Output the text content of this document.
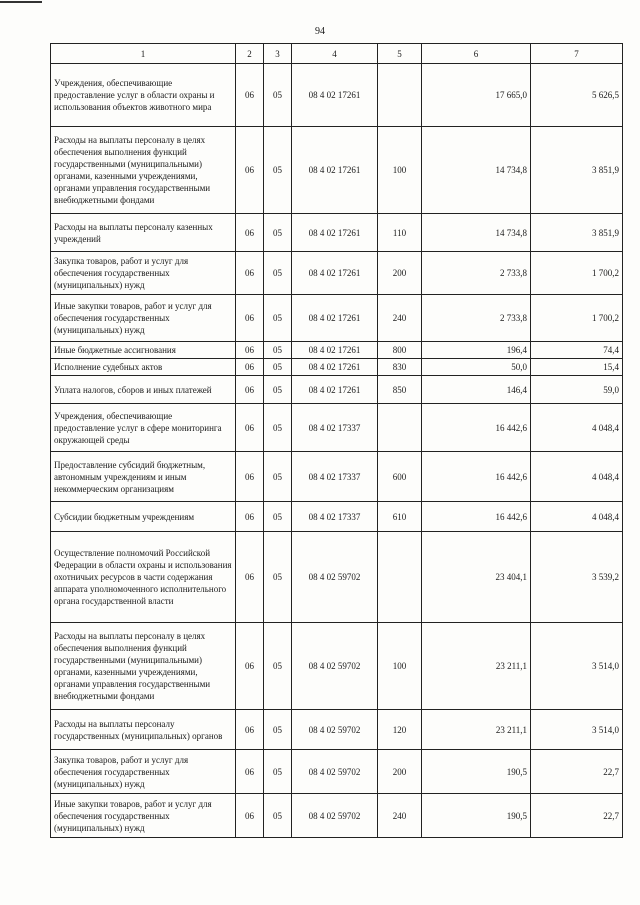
94
1	2	3	4	5	6	7
Учреждения, обеспечивающие предоставление услуг в области охраны и использования объектов животного мира	06	05	08 4 02 17261		17 665,0	5 626,5
Расходы на выплаты персоналу в целях обеспечения выполнения функций государственными (муниципальными) органами, казенными учреждениями, органами управления государственными внебюджетными фондами	06	05	08 4 02 17261	100	14 734,8	3 851,9
Расходы на выплаты персоналу казенных учреждений	06	05	08 4 02 17261	110	14 734,8	3 851,9
Закупка товаров, работ и услуг для обеспечения государственных (муниципальных) нужд	06	05	08 4 02 17261	200	2 733,8	1 700,2
Иные закупки товаров, работ и услуг для обеспечения государственных (муниципальных) нужд	06	05	08 4 02 17261	240	2 733,8	1 700,2
Иные бюджетные ассигнования	06	05	08 4 02 17261	800	196,4	74,4
Исполнение судебных актов	06	05	08 4 02 17261	830	50,0	15,4
Уплата налогов, сборов и иных платежей	06	05	08 4 02 17261	850	146,4	59,0
Учреждения, обеспечивающие предоставление услуг в сфере мониторинга окружающей среды	06	05	08 4 02 17337		16 442,6	4 048,4
Предоставление субсидий бюджетным, автономным учреждениям и иным некоммерческим организациям	06	05	08 4 02 17337	600	16 442,6	4 048,4
Субсидии бюджетным учреждениям	06	05	08 4 02 17337	610	16 442,6	4 048,4
Осуществление полномочий Российской Федерации в области охраны и использования охотничьих ресурсов в части содержания аппарата уполномоченного исполнительного органа государственной власти	06	05	08 4 02 59702		23 404,1	3 539,2
Расходы на выплаты персоналу в целях обеспечения выполнения функций государственными (муниципальными) органами, казенными учреждениями, органами управления государственными внебюджетными фондами	06	05	08 4 02 59702	100	23 211,1	3 514,0
Расходы на выплаты персоналу государственных (муниципальных) органов	06	05	08 4 02 59702	120	23 211,1	3 514,0
Закупка товаров, работ и услуг для обеспечения государственных (муниципальных) нужд	06	05	08 4 02 59702	200	190,5	22,7
Иные закупки товаров, работ и услуг для обеспечения государственных (муниципальных) нужд	06	05	08 4 02 59702	240	190,5	22,7
